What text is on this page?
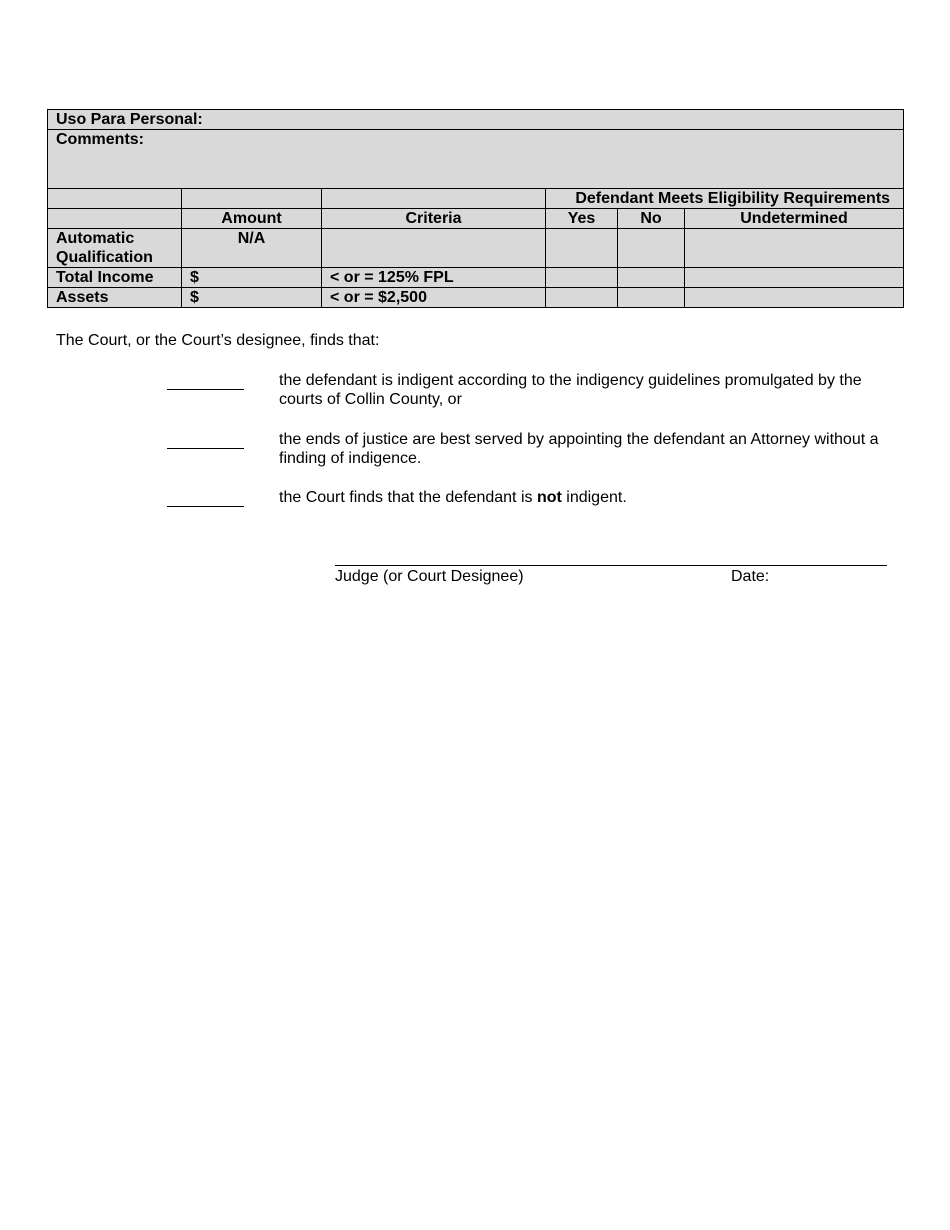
Uso Para Personal:					
Comments:					
			Defendant Meets Eligibility Requirements		
	Amount	Criteria	Yes	No	Undetermined
Automatic Qualification	N/A				
Total Income	$	< or = 125% FPL			
Assets	$	< or = $2,500			
The Court, or the Court’s designee, finds that:
the defendant is indigent according to the indigency guidelines promulgated by the courts of Collin County, or
the ends of justice are best served by appointing the defendant an Attorney without a finding of indigence.
the Court finds that the defendant is not indigent.
Judge (or Court Designee)	Date:
